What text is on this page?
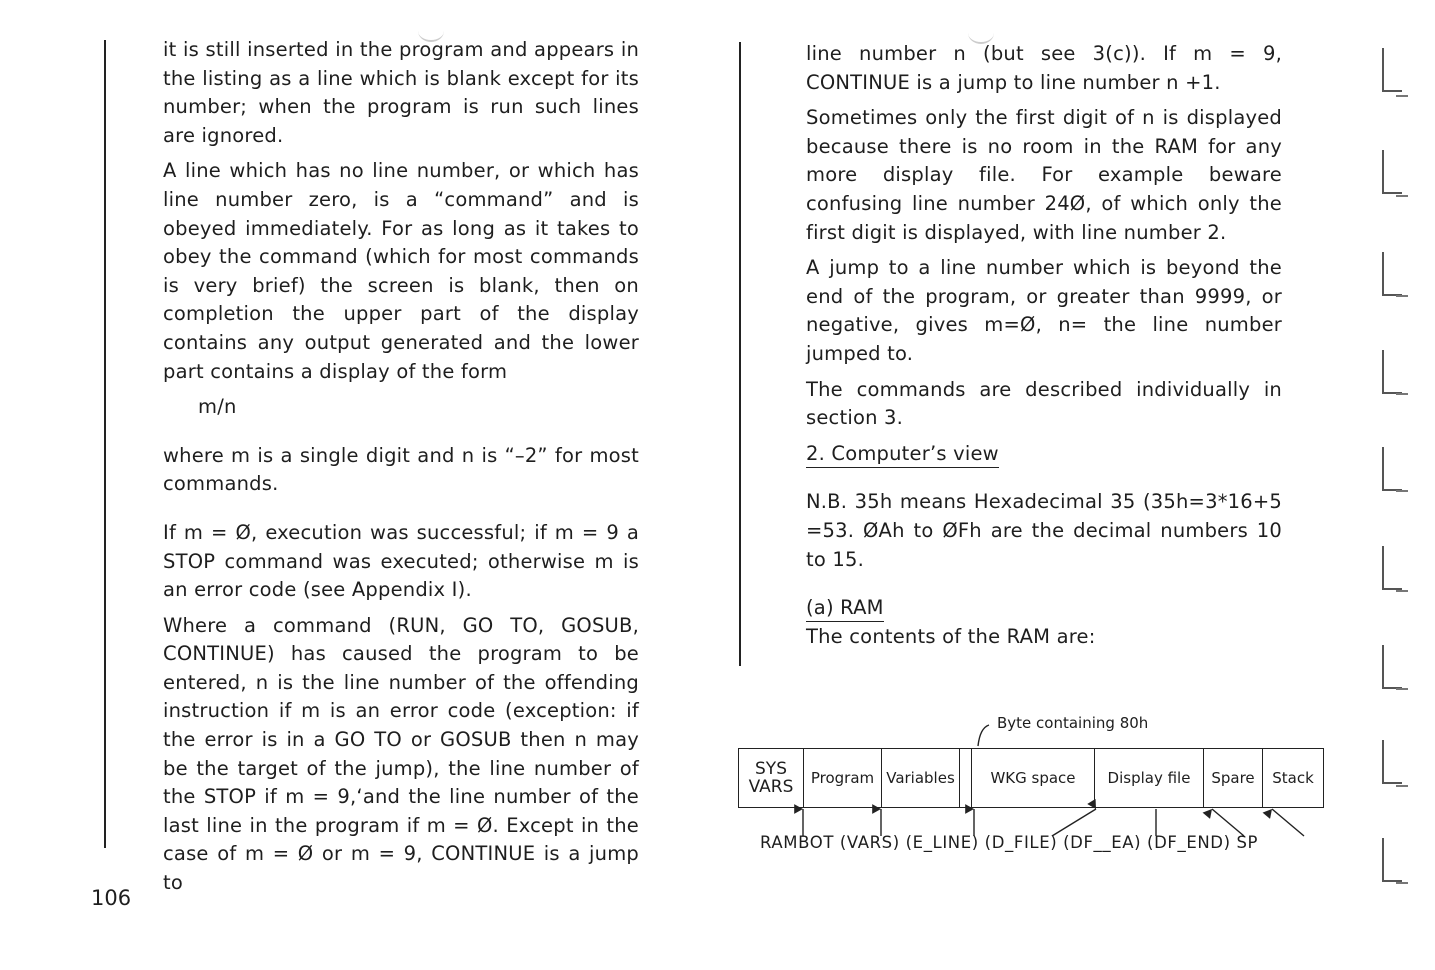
it is still inserted in the program and appears in the listing as a line which is blank except for its number; when the program is run such lines are ignored.

A line which has no line number, or which has line number zero, is a “command” and is obeyed immediately. For as long as it takes to obey the command (which for most commands is very brief) the screen is blank, then on completion the upper part of the display contains any output generated and the lower part contains a display of the form

m/n

where m is a single digit and n is “–2” for most commands.

If m = Ø, execution was successful; if m = 9 a STOP command was executed; otherwise m is an error code (see Appendix I).

Where a command (RUN, GO TO, GOSUB, CONTINUE) has caused the program to be entered, n is the line number of the offending instruction if m is an error code (exception: if the error is in a GO TO or GOSUB then n may be the target of the jump), the line number of the STOP if m = 9,‘and the line number of the last line in the program if m = Ø. Except in the case of m = Ø or m = 9, CONTINUE is a jump to

line number n (but see 3(c)). If m = 9, CONTINUE is a jump to line number n +1.

Sometimes only the first digit of n is displayed because there is no room in the RAM for any more display file. For example beware confusing line number 24Ø, of which only the first digit is displayed, with line number 2.

A jump to a line number which is beyond the end of the program, or greater than 9999, or negative, gives m=Ø, n= the line number jumped to.

The commands are described individually in section 3.

2. Computer’s view

N.B. 35h means Hexadecimal 35 (35h=3*16+5 =53. ØAh to ØFh are the decimal numbers 10 to 15.

(a) RAM

The contents of the RAM are:

Byte containing 80h
SYS
VARS	Program Variables	WKG space	Display file	Spare	Stack
RAMBOT (VARS) (E_LINE) (D_FILE) (DF__EA) (DF_END) SP
106
